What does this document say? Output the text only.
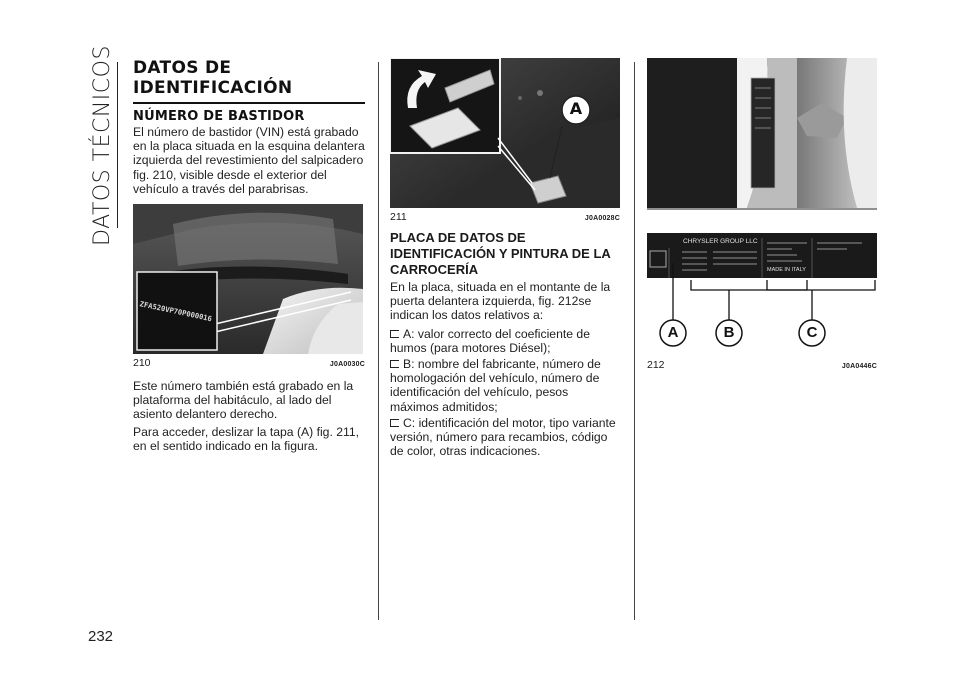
DATOS TÉCNICOS DATOS DE IDENTIFICACIÓN
NÚMERO DE BASTIDOR

El número de bastidor (VIN) está grabado en la placa situada en la esquina delantera izquierda del revestimiento del salpicadero fig. 210, visible desde el exterior del vehículo a través del parabrisas.

ZFA520VP70P000016
210	J0A0030C

Este número también está grabado en la plataforma del habitáculo, al lado del asiento delantero derecho.

Para acceder, deslizar la tapa (A) fig. 211, en el sentido indicado en la figura.

A
211	J0A0028C
PLACA DE DATOS DE IDENTIFICACIÓN Y PINTURA DE LA CARROCERÍA

En la placa, situada en el montante de la puerta delantera izquierda, fig. 212se indican los datos relativos a:

A: valor correcto del coeficiente de humos (para motores Diésel);

B: nombre del fabricante, número de homologación del vehículo, número de identificación del vehículo, pesos máximos admitidos;

C: identificación del motor, tipo variante versión, número para recambios, código de color, otras indicaciones.

CHRYSLER GROUP LLC
MADE IN ITALY
A	B	C
212	J0A0446C
232
